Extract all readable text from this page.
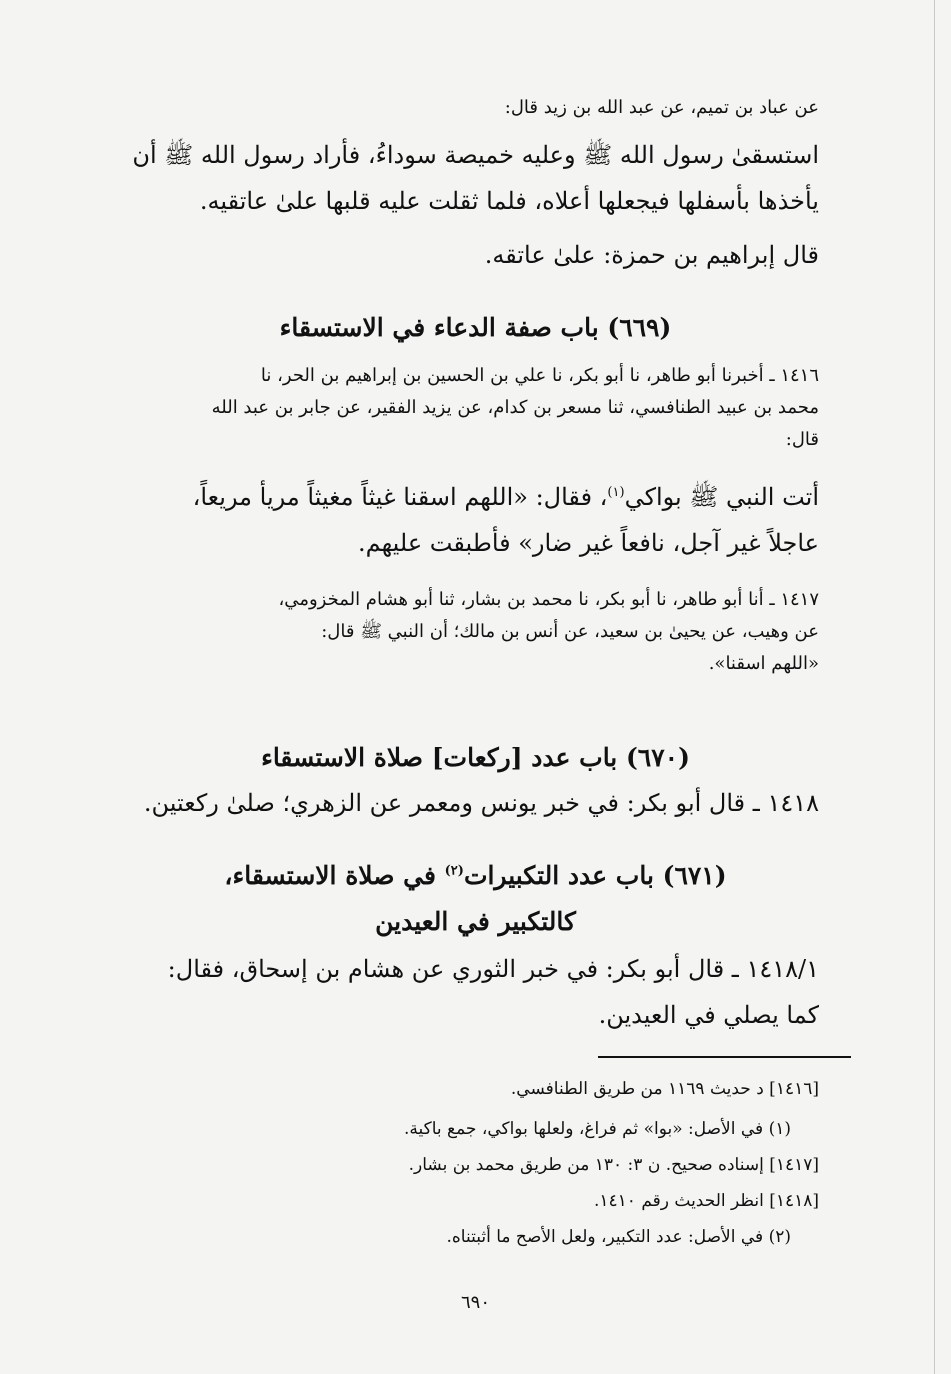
عن عباد بن تميم، عن عبد الله بن زيد قال:
استسقىٰ رسول الله ﷺ وعليه خميصة سوداءُ، فأراد رسول الله ﷺ أن
يأخذها بأسفلها فيجعلها أعلاه، فلما ثقلت عليه قلبها علىٰ عاتقيه.
قال إبراهيم بن حمزة: علىٰ عاتقه.
(٦٦٩) باب صفة الدعاء في الاستسقاء
١٤١٦ ـ أخبرنا أبو طاهر، نا أبو بكر، نا علي بن الحسين بن إبراهيم بن الحر، نا
محمد بن عبيد الطنافسي، ثنا مسعر بن كدام، عن يزيد الفقير، عن جابر بن عبد الله
قال:
أتت النبي ﷺ بواكي$^{(١)}$، فقال: «اللهم اسقنا غيثاً مغيثاً مريأ مريعاً،
عاجلاً غير آجل، نافعاً غير ضار» فأطبقت عليهم.
١٤١٧ ـ أنا أبو طاهر، نا أبو بكر، نا محمد بن بشار، ثنا أبو هشام المخزومي،
عن وهيب، عن يحيىٰ بن سعيد، عن أنس بن مالك؛ أن النبي ﷺ قال:
«اللهم اسقنا».
(٦٧٠) باب عدد [ركعات] صلاة الاستسقاء
١٤١٨ ـ قال أبو بكر: في خبر يونس ومعمر عن الزهري؛ صلىٰ ركعتين.
(٦٧١) باب عدد التكبيرات$^{(٢)}$ في صلاة الاستسقاء،
كالتكبير في العيدين
١٤١٨/١ ـ قال أبو بكر: في خبر الثوري عن هشام بن إسحاق، فقال:
كما يصلي في العيدين.
[١٤١٦] د حديث ١١٦٩ من طريق الطنافسي.
(١) في الأصل: «بوا» ثم فراغ، ولعلها بواكي، جمع باكية.
[١٤١٧] إسناده صحيح. ن ٣: ١٣٠ من طريق محمد بن بشار.
[١٤١٨] انظر الحديث رقم ١٤١٠.
(٢) في الأصل: عدد التكبير، ولعل الأصح ما أثبتناه.
٦٩٠
